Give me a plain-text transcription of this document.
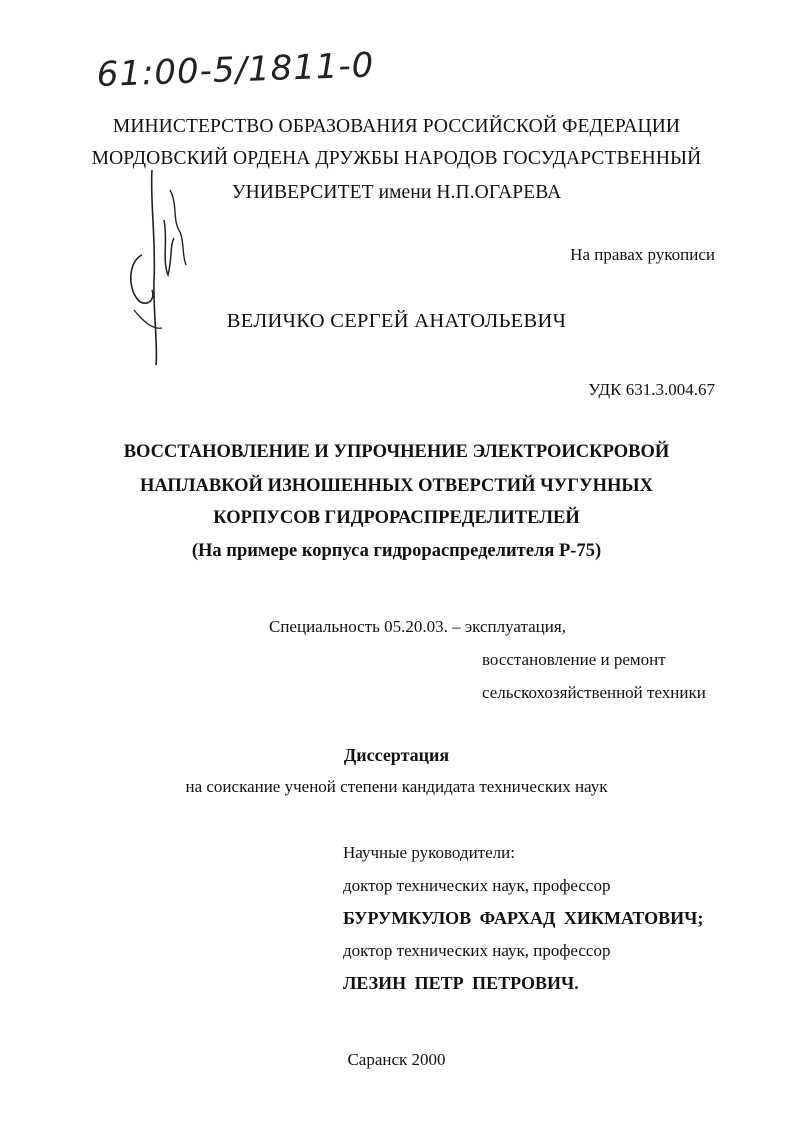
61:00-5/1811-0
МИНИСТЕРСТВО ОБРАЗОВАНИЯ РОССИЙСКОЙ ФЕДЕРАЦИИ
МОРДОВСКИЙ ОРДЕНА ДРУЖБЫ НАРОДОВ ГОСУДАРСТВЕННЫЙ
УНИВЕРСИТЕТ имени Н.П.ОГАРЕВА
На правах рукописи
ВЕЛИЧКО СЕРГЕЙ АНАТОЛЬЕВИЧ
УДК 631.3.004.67
ВОССТАНОВЛЕНИЕ И УПРОЧНЕНИЕ ЭЛЕКТРОИСКРОВОЙ
НАПЛАВКОЙ ИЗНОШЕННЫХ ОТВЕРСТИЙ ЧУГУННЫХ
КОРПУСОВ ГИДРОРАСПРЕДЕЛИТЕЛЕЙ
(На примере корпуса гидрораспределителя Р-75)
Специальность 05.20.03. – эксплуатация,
восстановление и ремонт
сельскохозяйственной техники
Диссертация
на соискание ученой степени кандидата технических наук
Научные руководители:
доктор технических наук, профессор
БУРУМКУЛОВ ФАРХАД ХИКМАТОВИЧ;
доктор технических наук, профессор
ЛЕЗИН ПЕТР ПЕТРОВИЧ.
Саранск 2000
